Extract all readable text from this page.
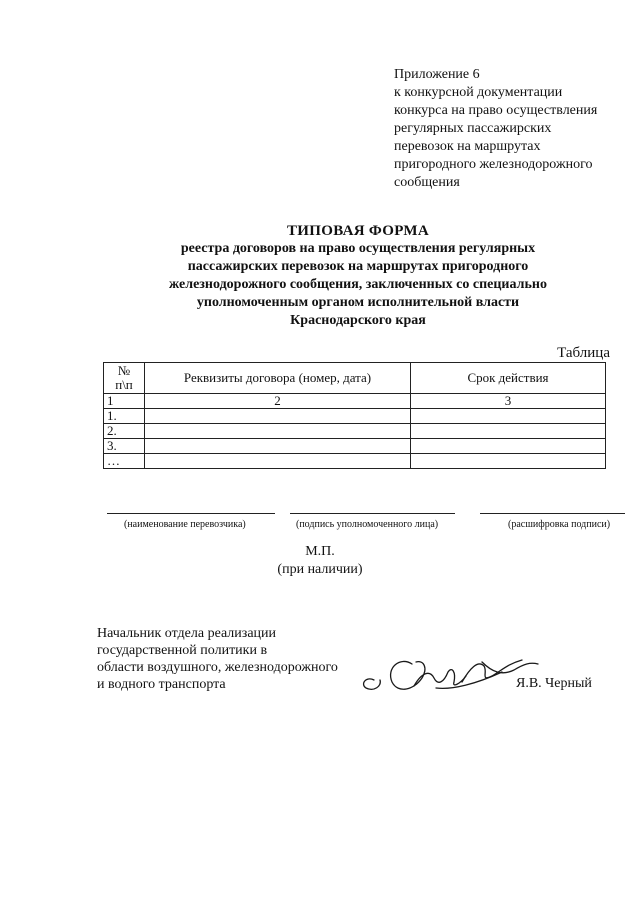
Приложение 6
к конкурсной документации
конкурса на право осуществления
регулярных пассажирских
перевозок на маршрутах
пригородного железнодорожного
сообщения
ТИПОВАЯ ФОРМА
реестра договоров на право осуществления регулярных
пассажирских перевозок на маршрутах пригородного
железнодорожного сообщения, заключенных со специально
уполномоченным органом исполнительной власти
Краснодарского края
Таблица
№
п\п	Реквизиты договора (номер, дата)	Срок действия
1	2	3
1.		
2.		
3.		
…		
(наименование перевозчика)	(подпись уполномоченного лица)	(расшифровка подписи)
М.П.
(при наличии)
Начальник отдела реализации
государственной политики в
области воздушного, железнодорожного
и водного транспорта	Я.В. Черный
